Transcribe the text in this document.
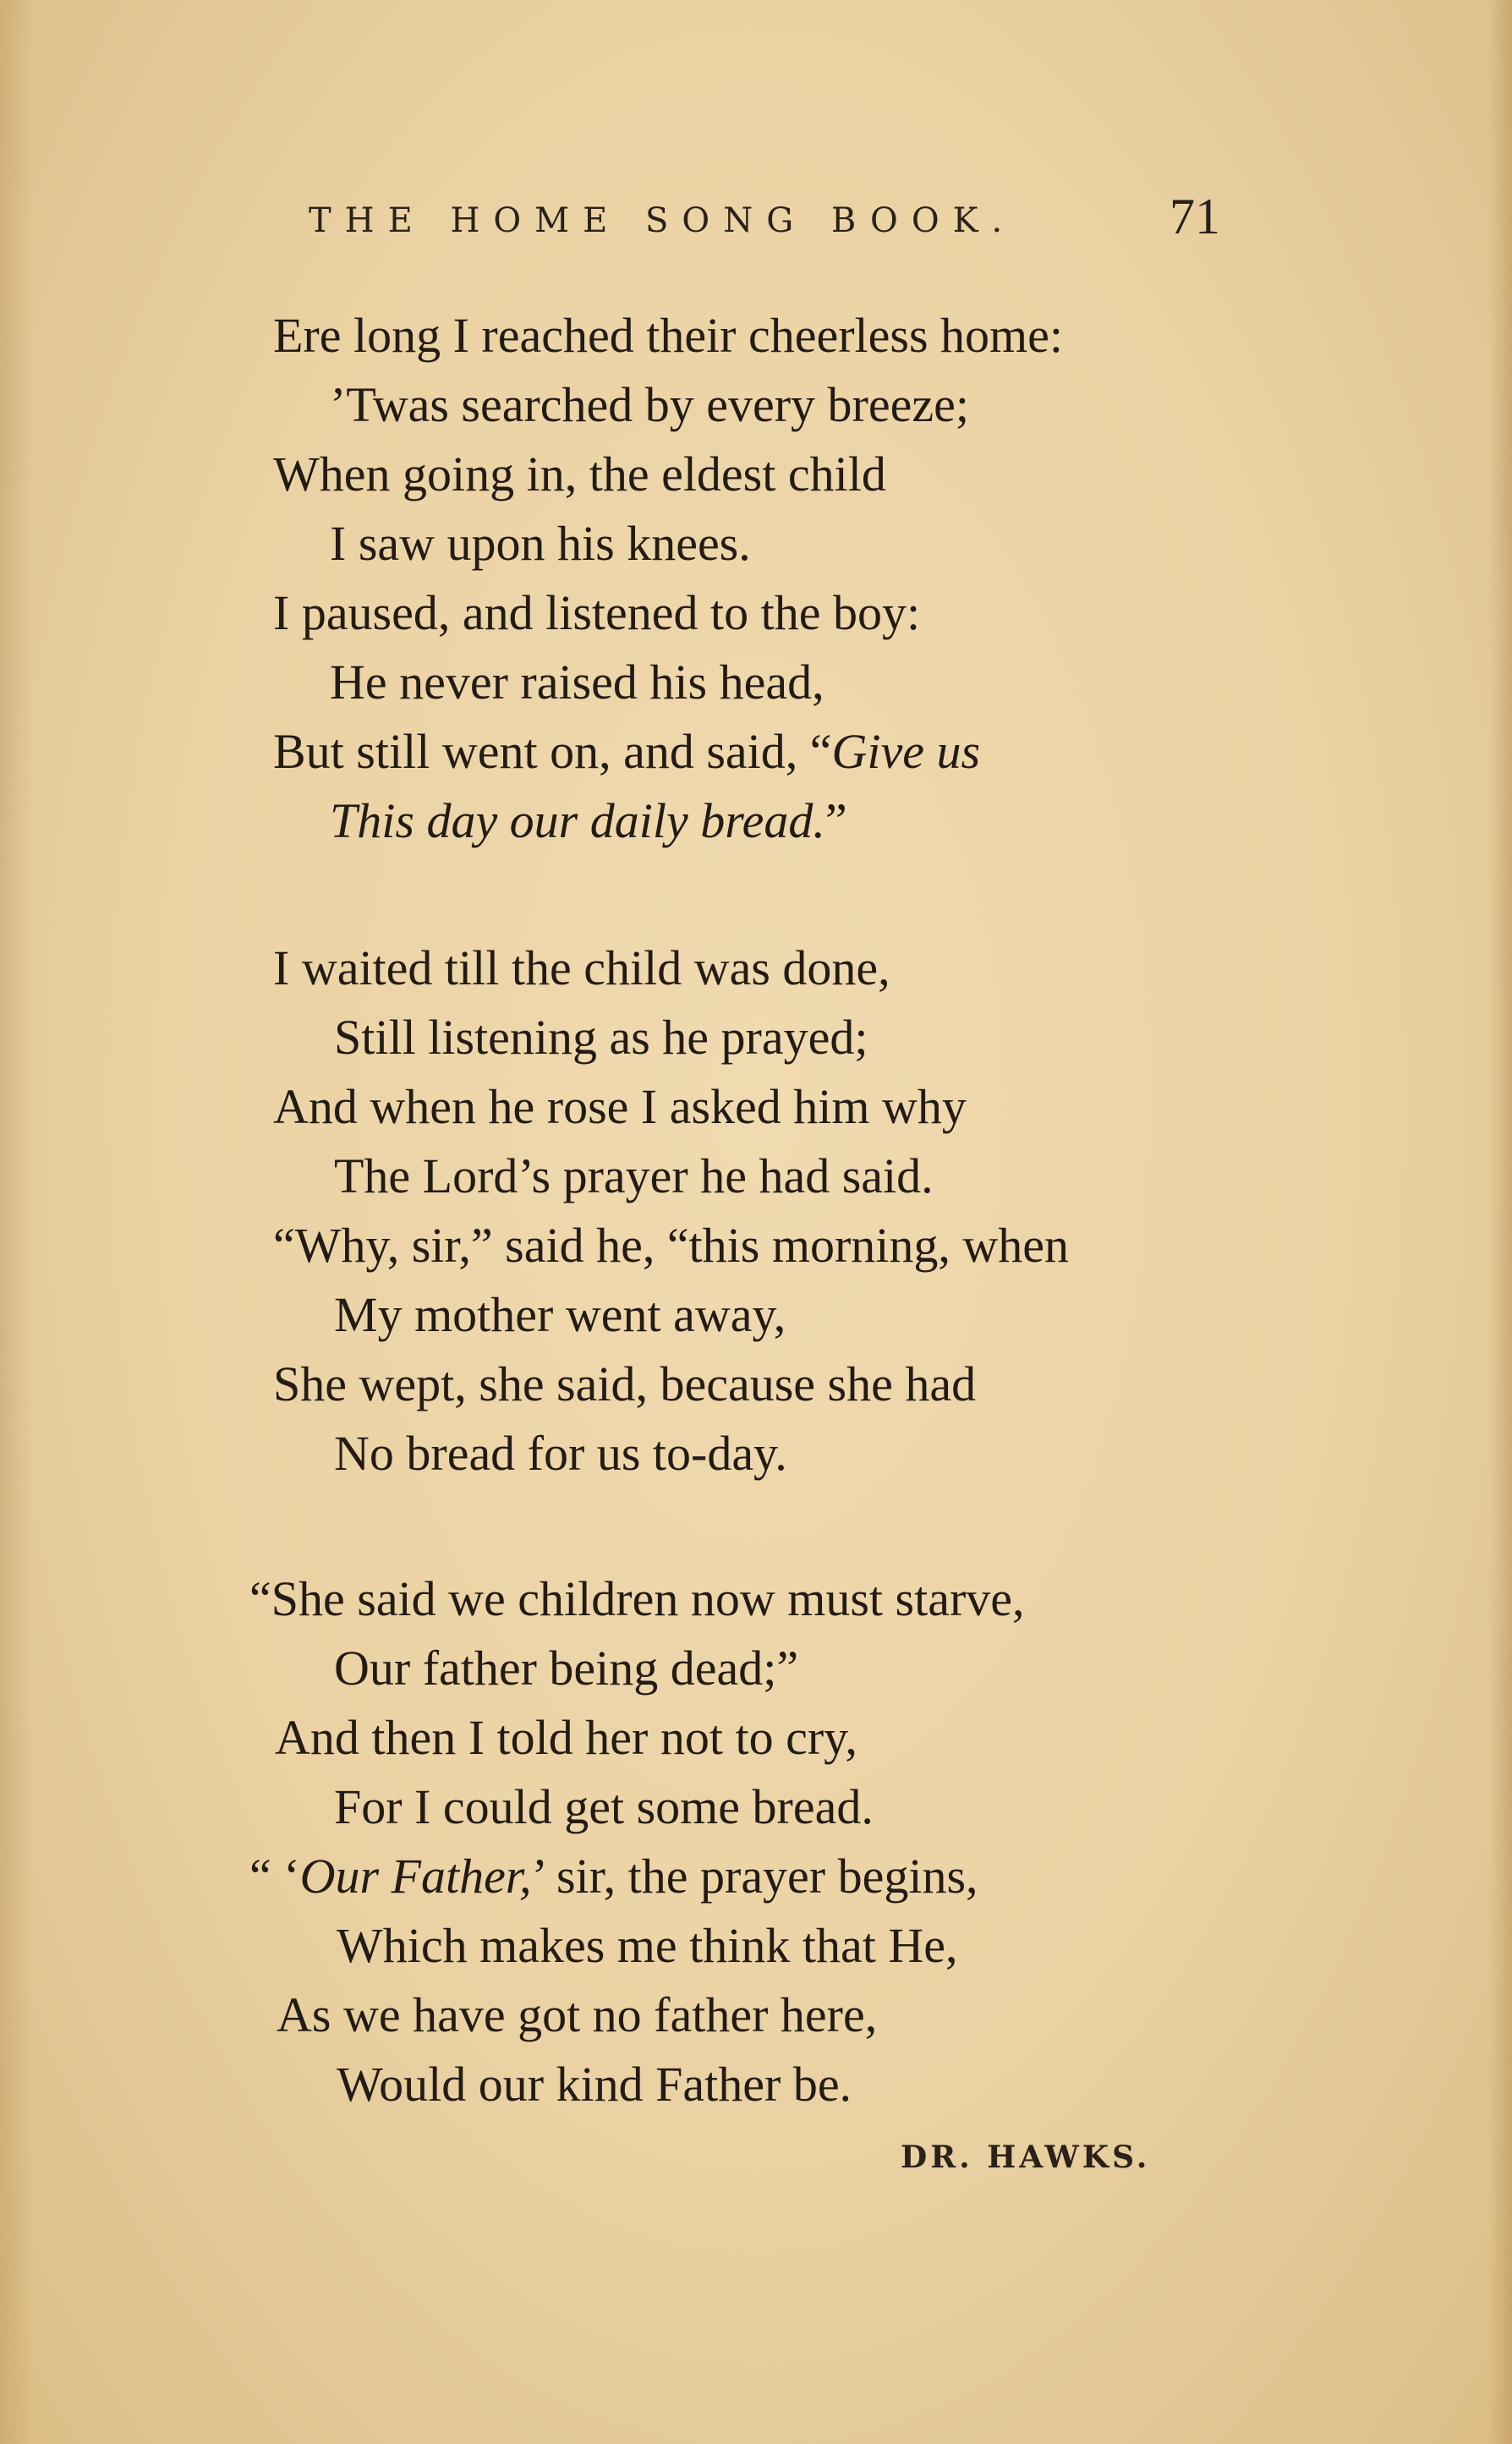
THE HOME SONG BOOK.	71
Ere long I reached their cheerless home:
’Twas searched by every breeze;
When going in, the eldest child
I saw upon his knees.
I paused, and listened to the boy:
He never raised his head,
But still went on, and said, “Give us
This day our daily bread.”
I waited till the child was done,
Still listening as he prayed;
And when he rose I asked him why
The Lord’s prayer he had said.
“Why, sir,” said he, “this morning, when
My mother went away,
She wept, she said, because she had
No bread for us to-day.
“She said we children now must starve,
Our father being dead;”
And then I told her not to cry,
For I could get some bread.
“ ‘Our Father,’ sir, the prayer begins,
Which makes me think that He,
As we have got no father here,
Would our kind Father be.
DR. HAWKS.
